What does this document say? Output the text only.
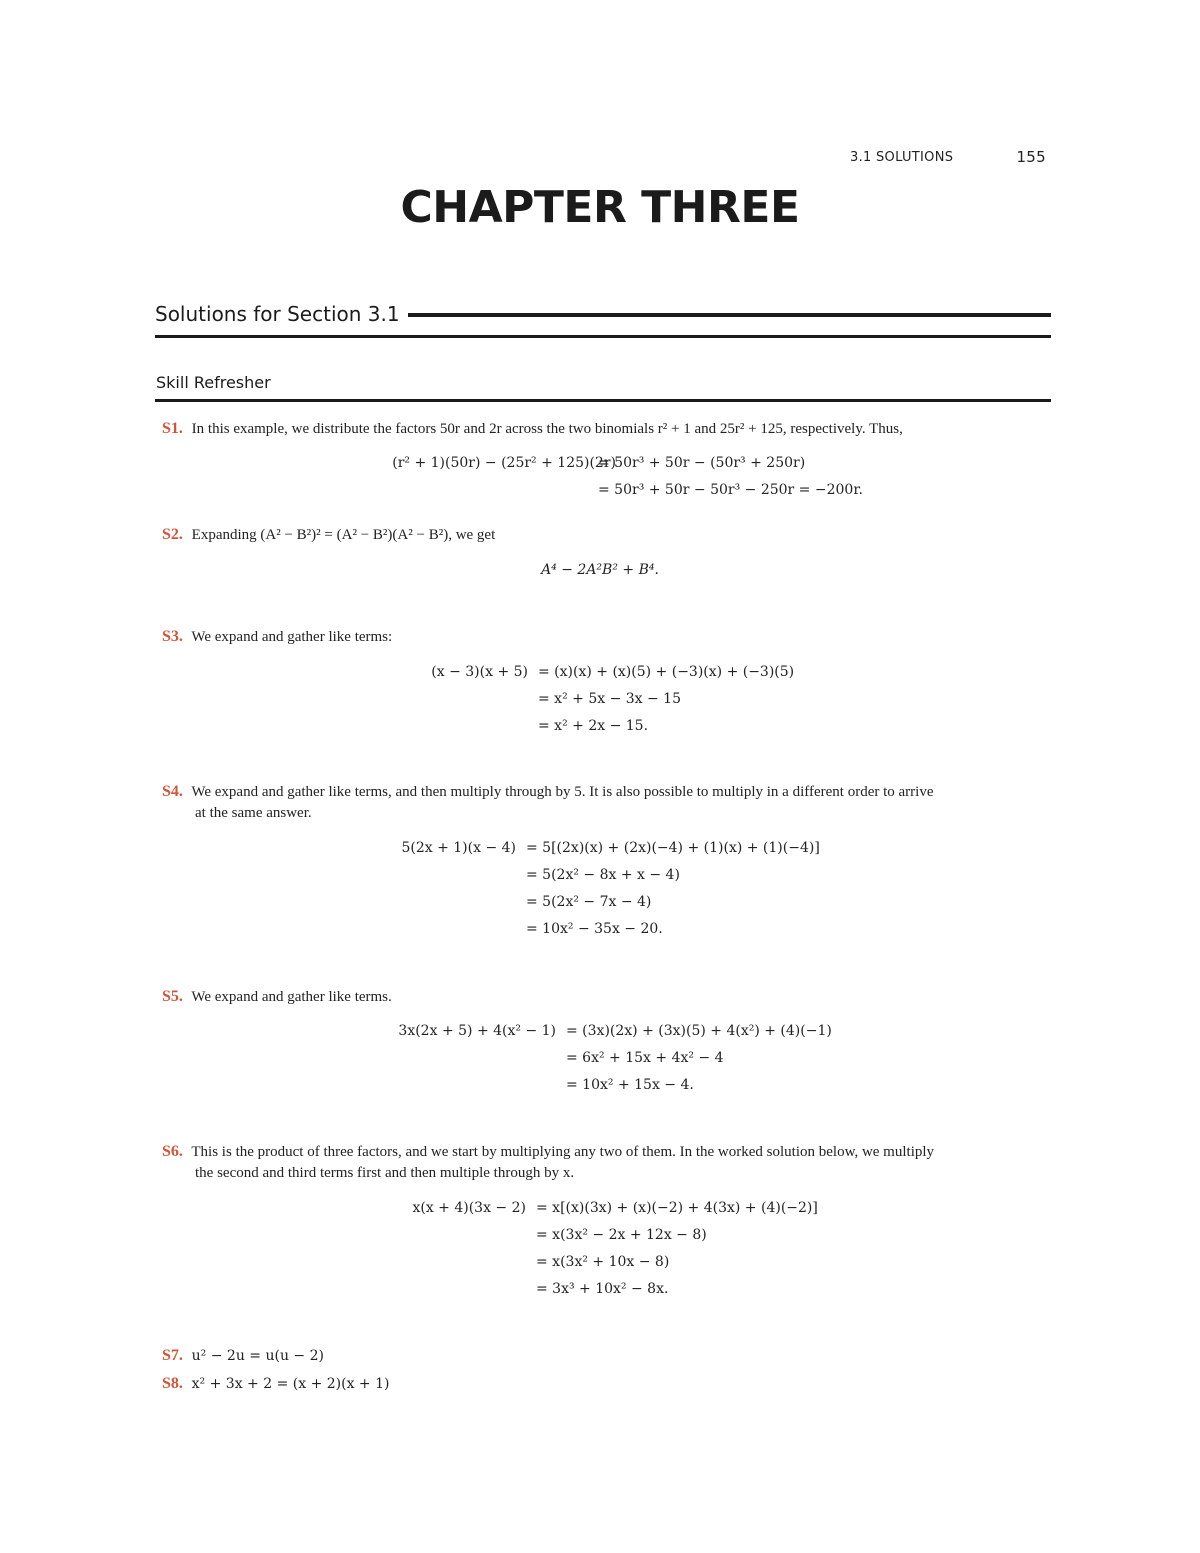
3.1 SOLUTIONS	155
CHAPTER THREE
Solutions for Section 3.1
Skill Refresher
S1. In this example, we distribute the factors 50r and 2r across the two binomials r² + 1 and 25r² + 125, respectively. Thus,
(r² + 1)(50r) − (25r² + 125)(2r)
= 50r³ + 50r − (50r³ + 250r)
= 50r³ + 50r − 50r³ − 250r = −200r.
S2. Expanding (A² − B²)² = (A² − B²)(A² − B²), we get
A⁴ − 2A²B² + B⁴.
S3. We expand and gather like terms:
(x − 3)(x + 5) = (x)(x) + (x)(5) + (−3)(x) + (−3)(5)
= x² + 5x − 3x − 15
= x² + 2x − 15.
S4. We expand and gather like terms, and then multiply through by 5. It is also possible to multiply in a different order to arrive
at the same answer.
5(2x + 1)(x − 4) = 5[(2x)(x) + (2x)(−4) + (1)(x) + (1)(−4)]
= 5(2x² − 8x + x − 4)
= 5(2x² − 7x − 4)
= 10x² − 35x − 20.
S5. We expand and gather like terms.
3x(2x + 5) + 4(x² − 1) = (3x)(2x) + (3x)(5) + 4(x²) + (4)(−1)
= 6x² + 15x + 4x² − 4
= 10x² + 15x − 4.
S6. This is the product of three factors, and we start by multiplying any two of them. In the worked solution below, we multiply
the second and third terms first and then multiple through by x.
x(x + 4)(3x − 2) = x[(x)(3x) + (x)(−2) + 4(3x) + (4)(−2)]
= x(3x² − 2x + 12x − 8)
= x(3x² + 10x − 8)
= 3x³ + 10x² − 8x.
S7. u² − 2u = u(u − 2)
S8. x² + 3x + 2 = (x + 2)(x + 1)
